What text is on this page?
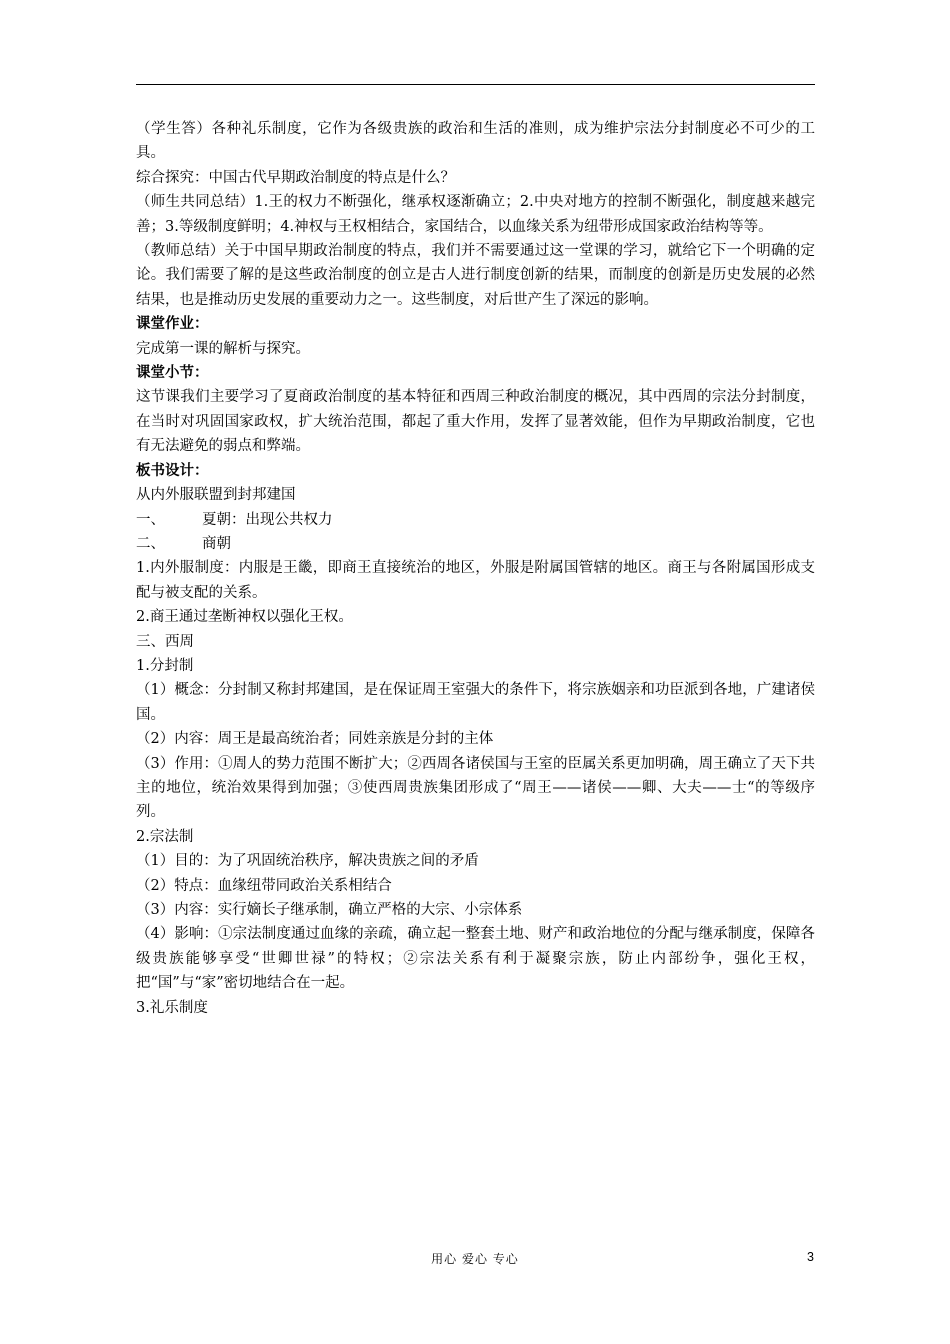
（学生答）各种礼乐制度，它作为各级贵族的政治和生活的准则，成为维护宗法分封制度必不可少的工具。

综合探究：中国古代早期政治制度的特点是什么？

（师生共同总结）1.王的权力不断强化，继承权逐渐确立；2.中央对地方的控制不断强化，制度越来越完善；3.等级制度鲜明；4.神权与王权相结合，家国结合，以血缘关系为纽带形成国家政治结构等等。

（教师总结）关于中国早期政治制度的特点，我们并不需要通过这一堂课的学习，就给它下一个明确的定论。我们需要了解的是这些政治制度的创立是古人进行制度创新的结果，而制度的创新是历史发展的必然结果，也是推动历史发展的重要动力之一。这些制度，对后世产生了深远的影响。

课堂作业：

完成第一课的解析与探究。

课堂小节：

这节课我们主要学习了夏商政治制度的基本特征和西周三种政治制度的概况，其中西周的宗法分封制度，在当时对巩固国家政权，扩大统治范围，都起了重大作用，发挥了显著效能，但作为早期政治制度，它也有无法避免的弱点和弊端。

板书设计：

从内外服联盟到封邦建国

一、	夏朝：出现公共权力

二、	商朝

1.内外服制度：内服是王畿，即商王直接统治的地区，外服是附属国管辖的地区。商王与各附属国形成支配与被支配的关系。

2.商王通过垄断神权以强化王权。

三、西周

1.分封制

（1）概念：分封制又称封邦建国，是在保证周王室强大的条件下，将宗族姻亲和功臣派到各地，广建诸侯国。

（2）内容：周王是最高统治者；同姓亲族是分封的主体

（3）作用：①周人的势力范围不断扩大；②西周各诸侯国与王室的臣属关系更加明确，周王确立了天下共主的地位，统治效果得到加强；③使西周贵族集团形成了“周王——诸侯——卿、大夫——士“的等级序列。

2.宗法制

（1）目的：为了巩固统治秩序，解决贵族之间的矛盾

（2）特点：血缘纽带同政治关系相结合

（3）内容：实行嫡长子继承制，确立严格的大宗、小宗体系

（4）影响：①宗法制度通过血缘的亲疏，确立起一整套土地、财产和政治地位的分配与继承制度，保障各级贵族能够享受“世卿世禄”的特权；②宗法关系有利于凝聚宗族，防止内部纷争，强化王权，把“国”与“家”密切地结合在一起。

3.礼乐制度

用心 爱心 专心	3
